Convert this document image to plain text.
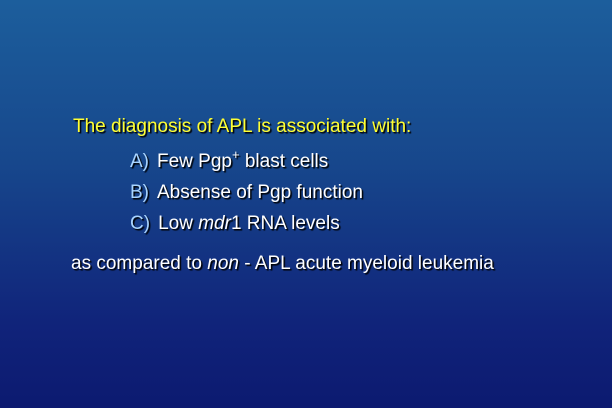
The diagnosis of APL is associated with:
A) Few Pgp+ blast cells
B) Absense of Pgp function
C) Low mdr1 RNA levels
as compared to non - APL acute myeloid leukemia
